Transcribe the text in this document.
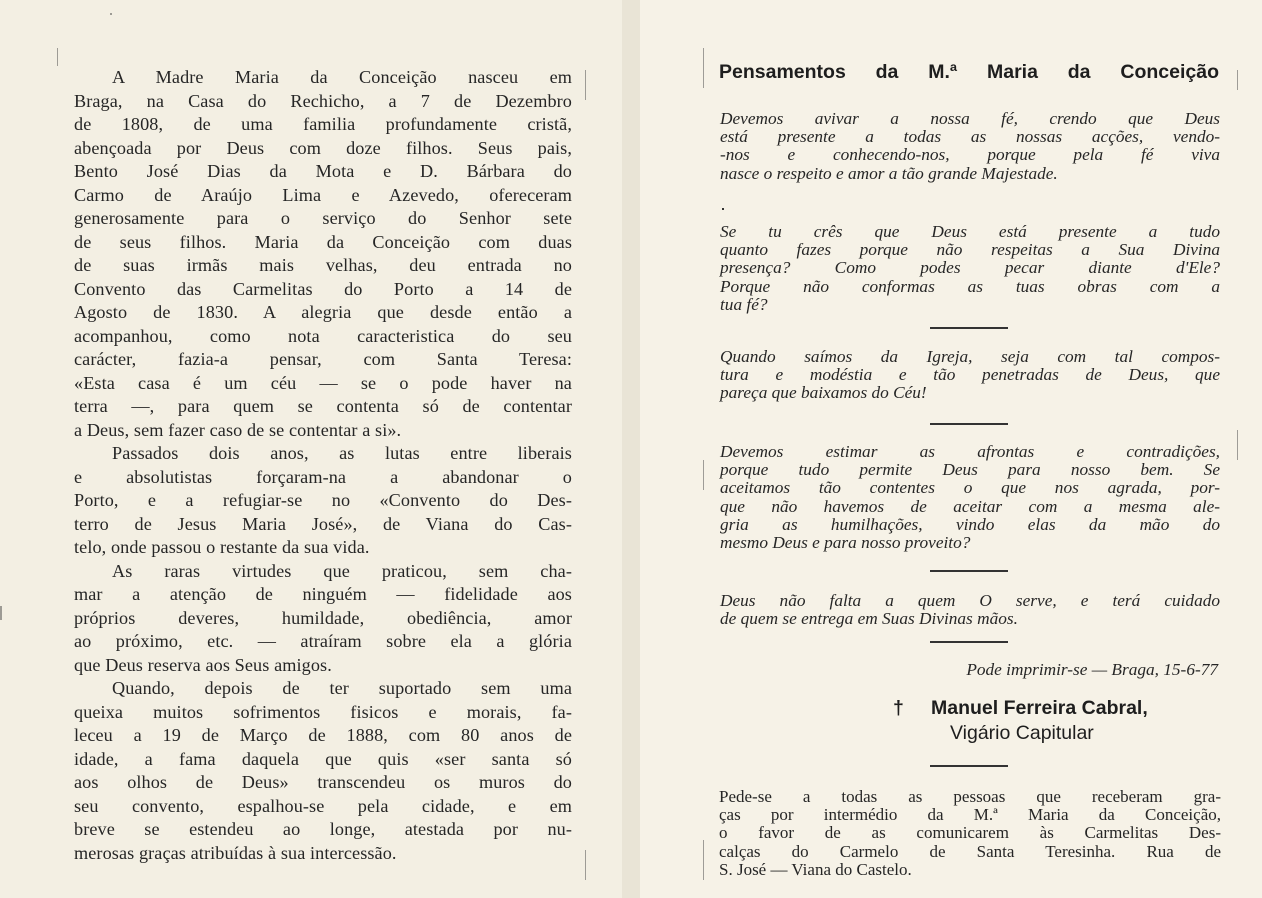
A Madre Maria da Conceição nasceu em
Braga, na Casa do Rechicho, a 7 de Dezembro
de 1808, de uma familia profundamente cristã,
abençoada por Deus com doze filhos. Seus pais,
Bento José Dias da Mota e D. Bárbara do
Carmo de Araújo Lima e Azevedo, ofereceram
generosamente para o serviço do Senhor sete
de seus filhos. Maria da Conceição com duas
de suas irmãs mais velhas, deu entrada no
Convento das Carmelitas do Porto a 14 de
Agosto de 1830. A alegria que desde então a
acompanhou, como nota caracteristica do seu
carácter, fazia-a pensar, com Santa Teresa:
«Esta casa é um céu — se o pode haver na
terra —, para quem se contenta só de contentar
a Deus, sem fazer caso de se contentar a si».
Passados dois anos, as lutas entre liberais
e absolutistas forçaram-na a abandonar o
Porto, e a refugiar-se no «Convento do Des-
terro de Jesus Maria José», de Viana do Cas-
telo, onde passou o restante da sua vida.
As raras virtudes que praticou, sem cha-
mar a atenção de ninguém — fidelidade aos
próprios deveres, humildade, obediência, amor
ao próximo, etc. — atraíram sobre ela a glória
que Deus reserva aos Seus amigos.
Quando, depois de ter suportado sem uma
queixa muitos sofrimentos fisicos e morais, fa-
leceu a 19 de Março de 1888, com 80 anos de
idade, a fama daquela que quis «ser santa só
aos olhos de Deus» transcendeu os muros do
seu convento, espalhou-se pela cidade, e em
breve se estendeu ao longe, atestada por nu-
merosas graças atribuídas à sua intercessão.
Pensamentos da M.ª Maria da Conceição
Devemos avivar a nossa fé, crendo que Deus
está presente a todas as nossas acções, vendo-
-nos e conhecendo-nos, porque pela fé viva
nasce o respeito e amor a tão grande Majestade.
Se tu crês que Deus está presente a tudo
quanto fazes porque não respeitas a Sua Divina
presença? Como podes pecar diante d'Ele?
Porque não conformas as tuas obras com a
tua fé?
Quando saímos da Igreja, seja com tal compos-
tura e modéstia e tão penetradas de Deus, que
pareça que baixamos do Céu!
Devemos estimar as afrontas e contradições,
porque tudo permite Deus para nosso bem. Se
aceitamos tão contentes o que nos agrada, por-
que não havemos de aceitar com a mesma ale-
gria as humilhações, vindo elas da mão do
mesmo Deus e para nosso proveito?
Deus não falta a quem O serve, e terá cuidado
de quem se entrega em Suas Divinas mãos.
Pode imprimir-se — Braga, 15-6-77
† Manuel Ferreira Cabral,
Vigário Capitular
Pede-se a todas as pessoas que receberam gra-
ças por intermédio da M.ª Maria da Conceição,
o favor de as comunicarem às Carmelitas Des-
calças do Carmelo de Santa Teresinha. Rua de
S. José — Viana do Castelo.
